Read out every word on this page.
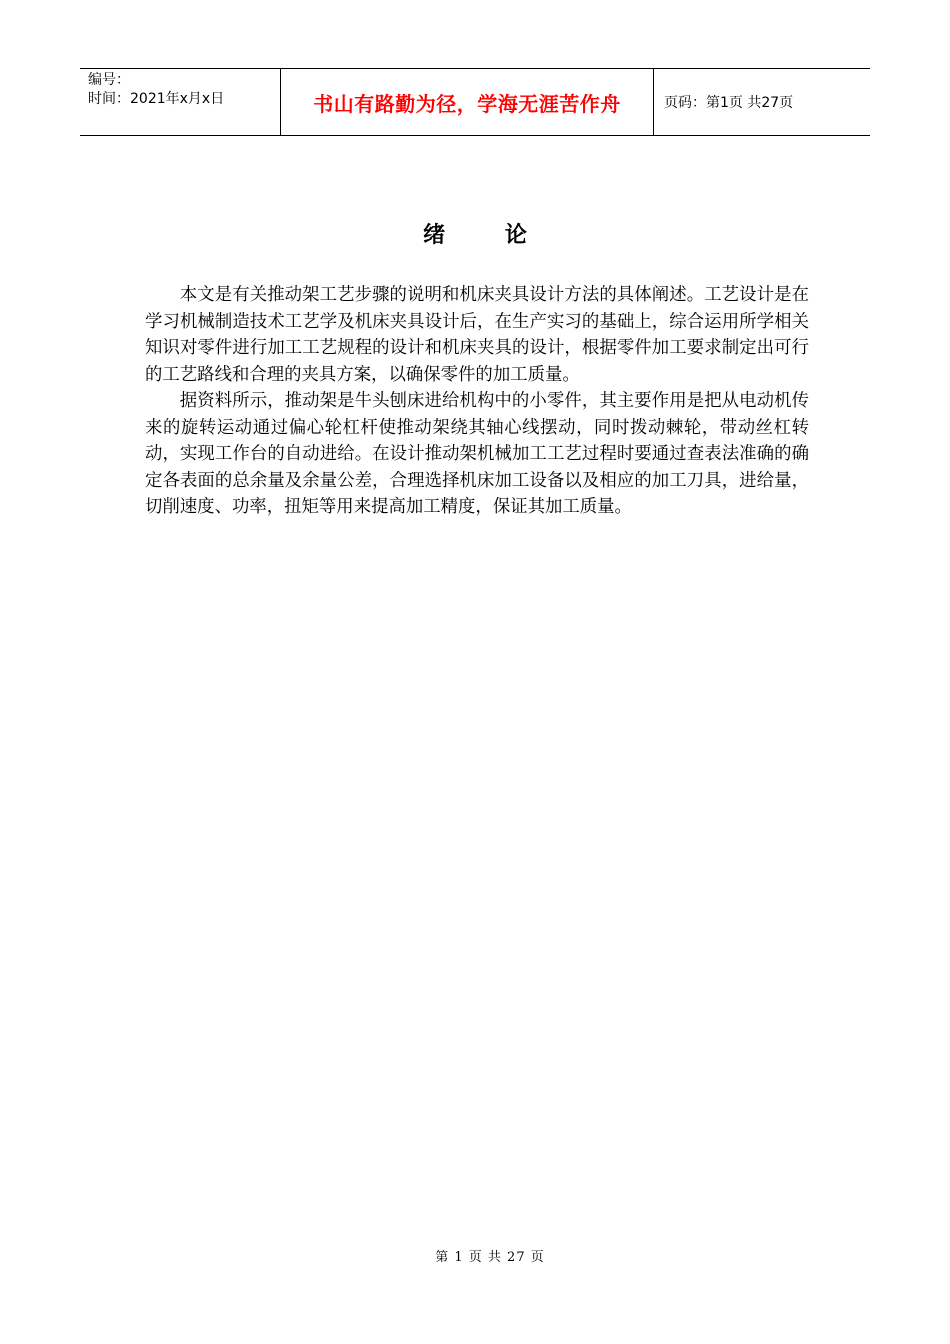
编号：
时间：2021年x月x日	书山有路勤为径，学海无涯苦作舟	页码：第1页 共27页
绪 论

本文是有关推动架工艺步骤的说明和机床夹具设计方法的具体阐述。工艺设计是在学习机械制造技术工艺学及机床夹具设计后，在生产实习的基础上，综合运用所学相关知识对零件进行加工工艺规程的设计和机床夹具的设计，根据零件加工要求制定出可行的工艺路线和合理的夹具方案，以确保零件的加工质量。

据资料所示，推动架是牛头刨床进给机构中的小零件，其主要作用是把从电动机传来的旋转运动通过偏心轮杠杆使推动架绕其轴心线摆动，同时拨动棘轮，带动丝杠转动，实现工作台的自动进给。在设计推动架机械加工工艺过程时要通过查表法准确的确定各表面的总余量及余量公差，合理选择机床加工设备以及相应的加工刀具，进给量，切削速度、功率，扭矩等用来提高加工精度，保证其加工质量。

第 1 页 共 27 页
